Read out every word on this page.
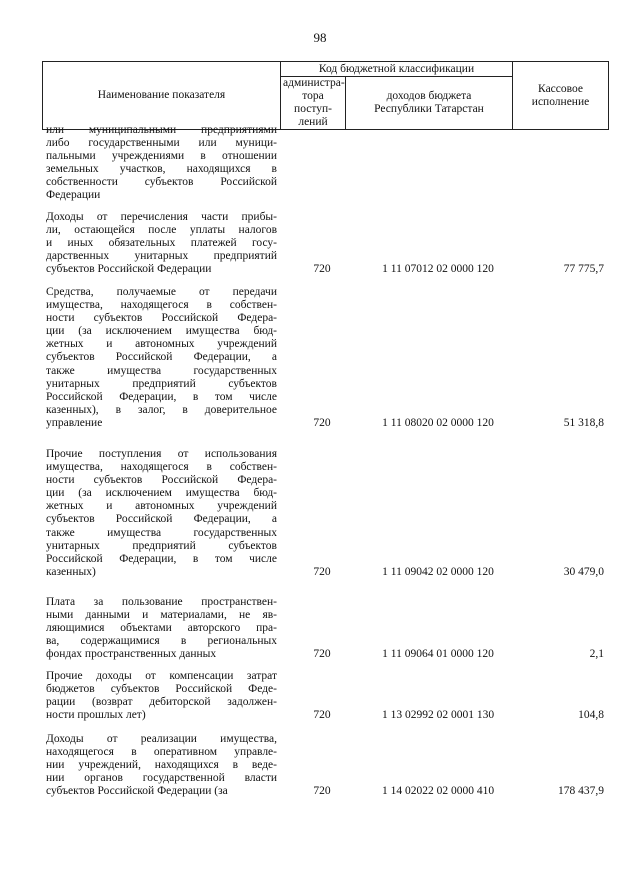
98
Наименование показателя	Код бюджетной классификации		Кассовое
исполнение
	администра-
тора поступ-
лений	доходов бюджета
Республики Татарстан	
или муниципальными предприятиями
либо государственными или муници-
пальными учреждениями в отношении
земельных участков, находящихся в
собственности субъектов Российской
Федерации
Доходы от перечисления части прибы-
ли, остающейся после уплаты налогов
и иных обязательных платежей госу-
дарственных унитарных предприятий
субъектов Российской Федерации	720	1 11 07012 02 0000 120	77 775,7
Средства, получаемые от передачи
имущества, находящегося в собствен-
ности субъектов Российской Федера-
ции (за исключением имущества бюд-
жетных и автономных учреждений
субъектов Российской Федерации, а
также имущества государственных
унитарных предприятий субъектов
Российской Федерации, в том числе
казенных), в залог, в доверительное
управление	720	1 11 08020 02 0000 120	51 318,8
Прочие поступления от использования
имущества, находящегося в собствен-
ности субъектов Российской Федера-
ции (за исключением имущества бюд-
жетных и автономных учреждений
субъектов Российской Федерации, а
также имущества государственных
унитарных предприятий субъектов
Российской Федерации, в том числе
казенных)	720	1 11 09042 02 0000 120	30 479,0
Плата за пользование пространствен-
ными данными и материалами, не яв-
ляющимися объектами авторского пра-
ва, содержащимися в региональных
фондах пространственных данных	720	1 11 09064 01 0000 120	2,1
Прочие доходы от компенсации затрат
бюджетов субъектов Российской Феде-
рации (возврат дебиторской задолжен-
ности прошлых лет)	720	1 13 02992 02 0001 130	104,8
Доходы от реализации имущества,
находящегося в оперативном управле-
нии учреждений, находящихся в веде-
нии органов государственной власти
субъектов Российской Федерации (за	720	1 14 02022 02 0000 410	178 437,9
